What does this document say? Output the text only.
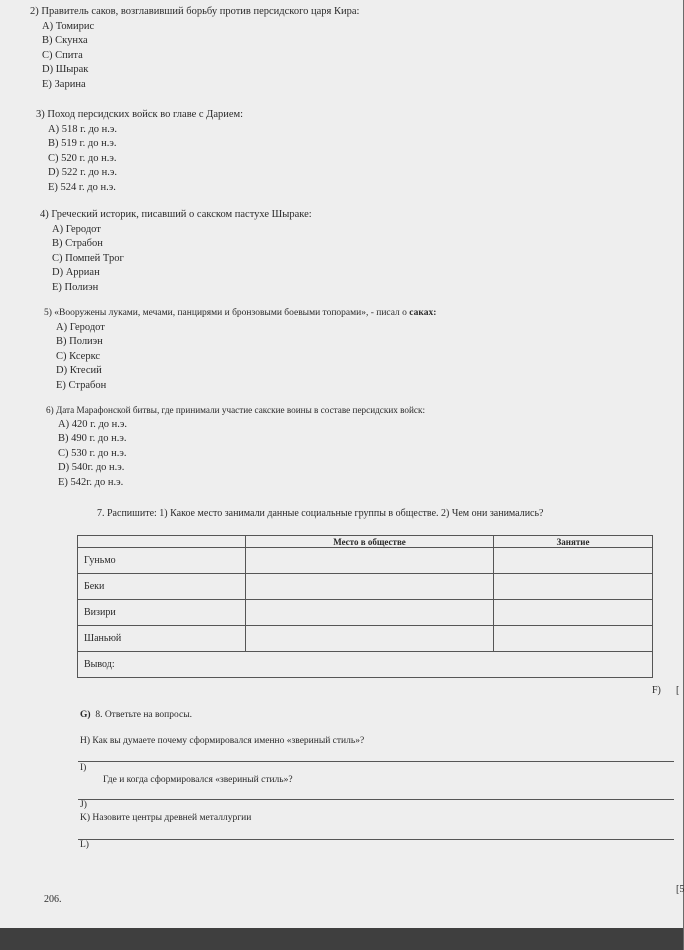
2) Правитель саков, возглавивший борьбу против персидского царя Кира:
A) Томирис
B) Скунха
C) Спита
D) Шырак
E) Зарина
3) Поход персидских войск во главе с Дарием:
A) 518 г. до н.э.
B) 519 г. до н.э.
C) 520 г. до н.э.
D) 522 г. до н.э.
E) 524 г. до н.э.
4) Греческий историк, писавший о сакском пастухе Шыраке:
A) Геродот
B) Страбон
C) Помпей Трог
D) Арриан
E) Полиэн
5) «Вооружены луками, мечами, панцирями и бронзовыми боевыми топорами», - писал о саках:
A) Геродот
B) Полиэн
C) Ксеркс
D) Ктесий
E) Страбон
6) Дата Марафонской битвы, где принимали участие сакские воины в составе персидских войск:
A) 420 г. до н.э.
B) 490 г. до н.э.
C) 530 г. до н.э.
D) 540г. до н.э.
E) 542г. до н.э.
7. Распишите: 1) Какое место занимали данные социальные группы в обществе. 2) Чем они занимались?
	Место в обществе	Занятие
Гуньмо		
Беки		
Визири		
Шаньюй		
Вывод:		
F) [
G) 8. Ответьте на вопросы.
H) Как вы думаете почему сформировался именно «звериный стиль»?
I)
Где и когда сформировался «звериный стиль»?
J)
K) Назовите центры древней металлургии
L)
206.
[5
